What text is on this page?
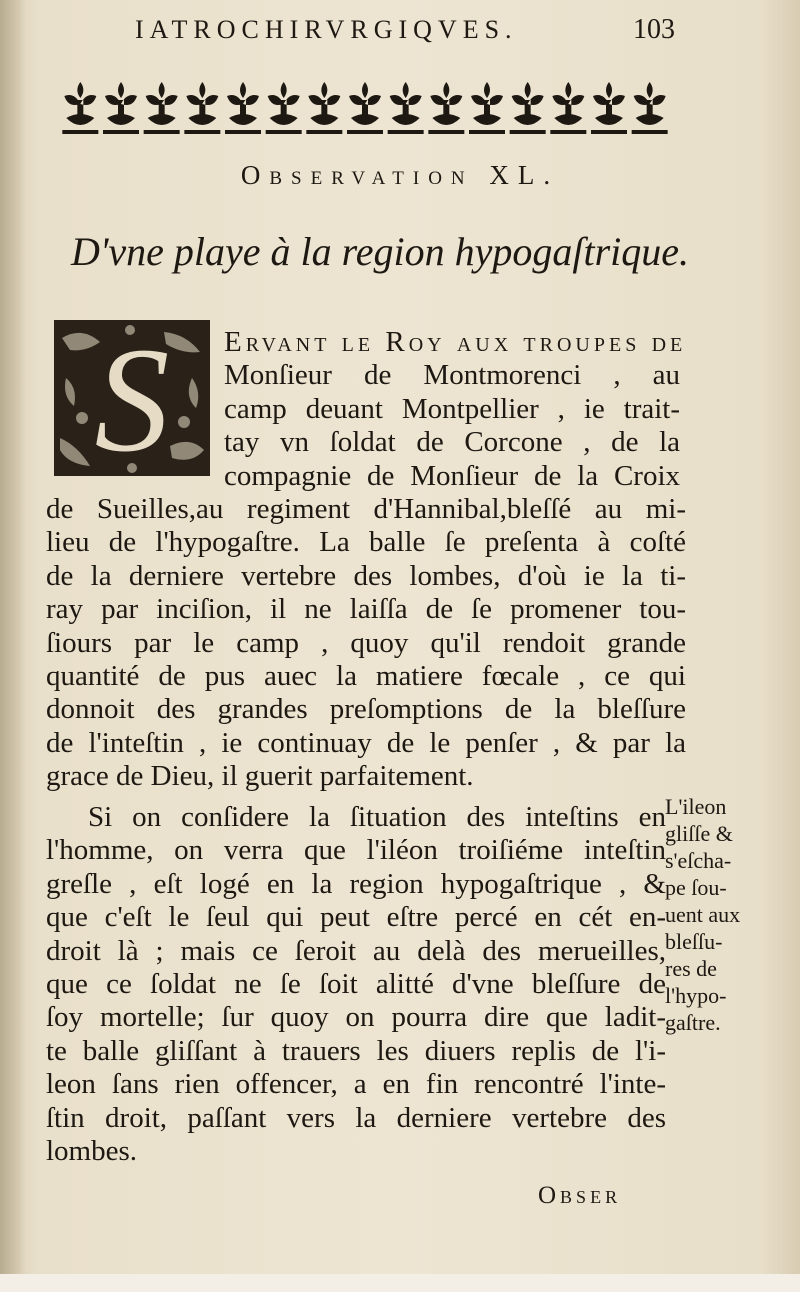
IATROCHIRVRGIQVES.	103
Observation XL.
D'vne playe à la region hypogaſtrique.
S Ervant le Roy aux troupes de
Monſieur de Montmorenci , au
camp deuant Montpellier , ie trait-
tay vn ſoldat de Corcone , de la
compagnie de Monſieur de la Croix
de Sueilles,au regiment d'Hannibal,bleſſé au mi-
lieu de l'hypogaſtre. La balle ſe preſenta à coſté
de la derniere vertebre des lombes, d'où ie la ti-
ray par inciſion, il ne laiſſa de ſe promener tou-
ſiours par le camp , quoy qu'il rendoit grande
quantité de pus auec la matiere fœcale , ce qui
donnoit des grandes preſomptions de la bleſſure
de l'inteſtin , ie continuay de le penſer , & par la
grace de Dieu, il guerit parfaitement.
Si on conſidere la ſituation des inteſtins en
l'homme, on verra que l'iléon troiſiéme inteſtin
greſle , eſt logé en la region hypogaſtrique , &
que c'eſt le ſeul qui peut eſtre percé en cét en-
droit là ; mais ce ſeroit au delà des merueilles,
que ce ſoldat ne ſe ſoit alitté d'vne bleſſure de
ſoy mortelle; ſur quoy on pourra dire que ladit-
te balle gliſſant à trauers les diuers replis de l'i-
leon ſans rien offencer, a en fin rencontré l'inte-
ſtin droit, paſſant vers la derniere vertebre des
lombes.
L'ileon
gliſſe &
s'eſcha-
pe ſou-
uent aux
bleſſu-
res de
l'hypo-
gaſtre.
Obser
